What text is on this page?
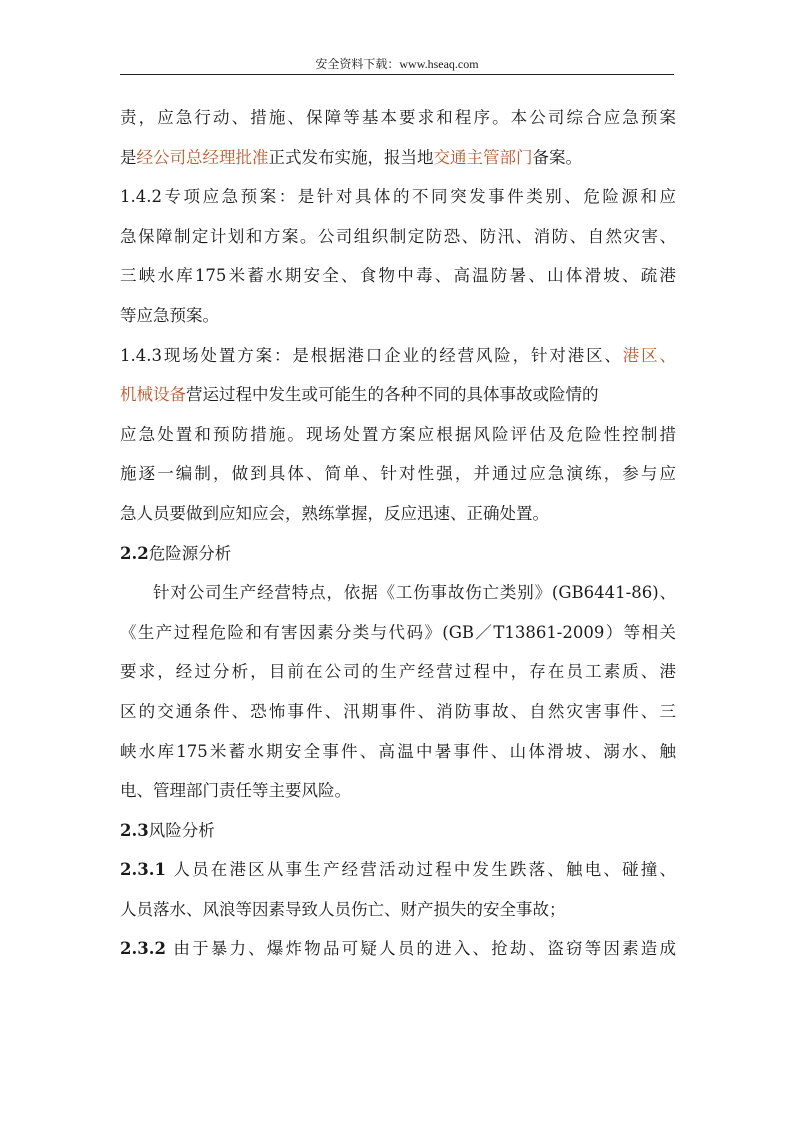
安全资料下载：www.hseaq.com
责，应急行动、措施、保障等基本要求和程序。本公司综合应急预案
是经公司总经理批准正式发布实施，报当地交通主管部门备案。
1.4.2专项应急预案：是针对具体的不同突发事件类别、危险源和应
急保障制定计划和方案。公司组织制定防恐、防汛、消防、自然灾害、
三峡水库175米蓄水期安全、食物中毒、高温防暑、山体滑坡、疏港
等应急预案。
1.4.3现场处置方案：是根据港口企业的经营风险，针对港区、港区、
机械设备营运过程中发生或可能生的各种不同的具体事故或险情的
应急处置和预防措施。现场处置方案应根据风险评估及危险性控制措
施逐一编制，做到具体、简单、针对性强，并通过应急演练，参与应
急人员要做到应知应会，熟练掌握，反应迅速、正确处置。
2.2危险源分析
针对公司生产经营特点，依据《工伤事故伤亡类别》(GB6441-86)、
《生产过程危险和有害因素分类与代码》(GB／T13861-2009）等相关
要求，经过分析，目前在公司的生产经营过程中，存在员工素质、港
区的交通条件、恐怖事件、汛期事件、消防事故、自然灾害事件、三
峡水库175米蓄水期安全事件、高温中暑事件、山体滑坡、溺水、触
电、管理部门责任等主要风险。
2.3风险分析
2.3.1 人员在港区从事生产经营活动过程中发生跌落、触电、碰撞、
人员落水、风浪等因素导致人员伤亡、财产损失的安全事故；
2.3.2 由于暴力、爆炸物品可疑人员的进入、抢劫、盗窃等因素造成
